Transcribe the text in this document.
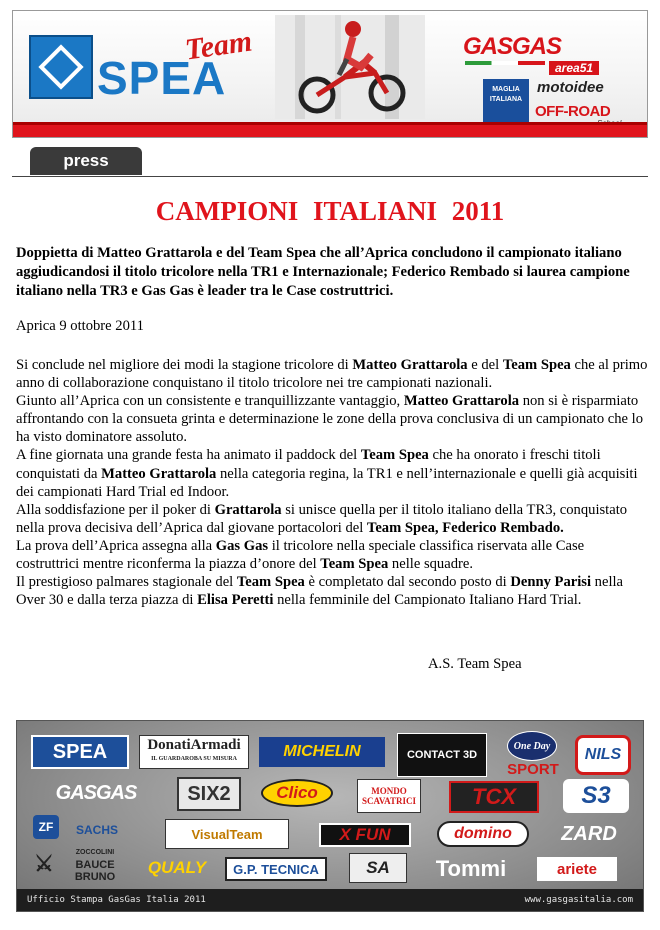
SPEA
Team	GASGAS
area51
MAGLIA ITALIANA
motoidee
OFF-ROAD
press
CAMPIONI ITALIANI 2011
Doppietta di Matteo Grattarola e del Team Spea che all’Aprica concludono il campionato italiano aggiudicandosi il titolo tricolore nella TR1 e Internazionale; Federico Rembado si laurea campione italiano nella TR3 e Gas Gas è leader tra le Case costruttrici.
Aprica 9 ottobre 2011

Si conclude nel migliore dei modi la stagione tricolore di Matteo Grattarola e del Team Spea che al primo anno di collaborazione conquistano il titolo tricolore nei tre campionati nazionali.

Giunto all’Aprica con un consistente e tranquillizzante vantaggio, Matteo Grattarola non si è risparmiato affrontando con la consueta grinta e determinazione le zone della prova conclusiva di un campionato che lo ha visto dominatore assoluto.

A fine giornata una grande festa ha animato il paddock del Team Spea che ha onorato i freschi titoli conquistati da Matteo Grattarola nella categoria regina, la TR1 e nell’internazionale e quelli già acquisiti dei campionati Hard Trial ed Indoor.

Alla soddisfazione per il poker di Grattarola si unisce quella per il titolo italiano della TR3, conquistato nella prova decisiva dell’Aprica dal giovane portacolori del Team Spea, Federico Rembado.

La prova dell’Aprica assegna alla Gas Gas il tricolore nella speciale classifica riservata alle Case costruttrici mentre riconferma la piazza d’onore del Team Spea nelle squadre.

Il prestigioso palmares stagionale del Team Spea è completato dal secondo posto di Denny Parisi nella Over 30 e dalla terza piazza di Elisa Peretti nella femminile del Campionato Italiano Hard Trial.

A.S. Team Spea
SPEA	DonatiArmadi
IL GUARDAROBA SU MISURA	MICHELIN	CONTACT 3D
One Day
SPORT
NILS
GASGAS	SIX2	Clico	MONDO SCAVATRICI	TCX	S3
ZF SACHS	VisualTeam	X FUN	domino ZARD
⚔	ZOCCOLINI
BAUCE
BRUNO QUALY G.P. TECNICA	SA Tommi	ariete
Ufficio Stampa GasGas Italia 2011	www.gasgasitalia.com
